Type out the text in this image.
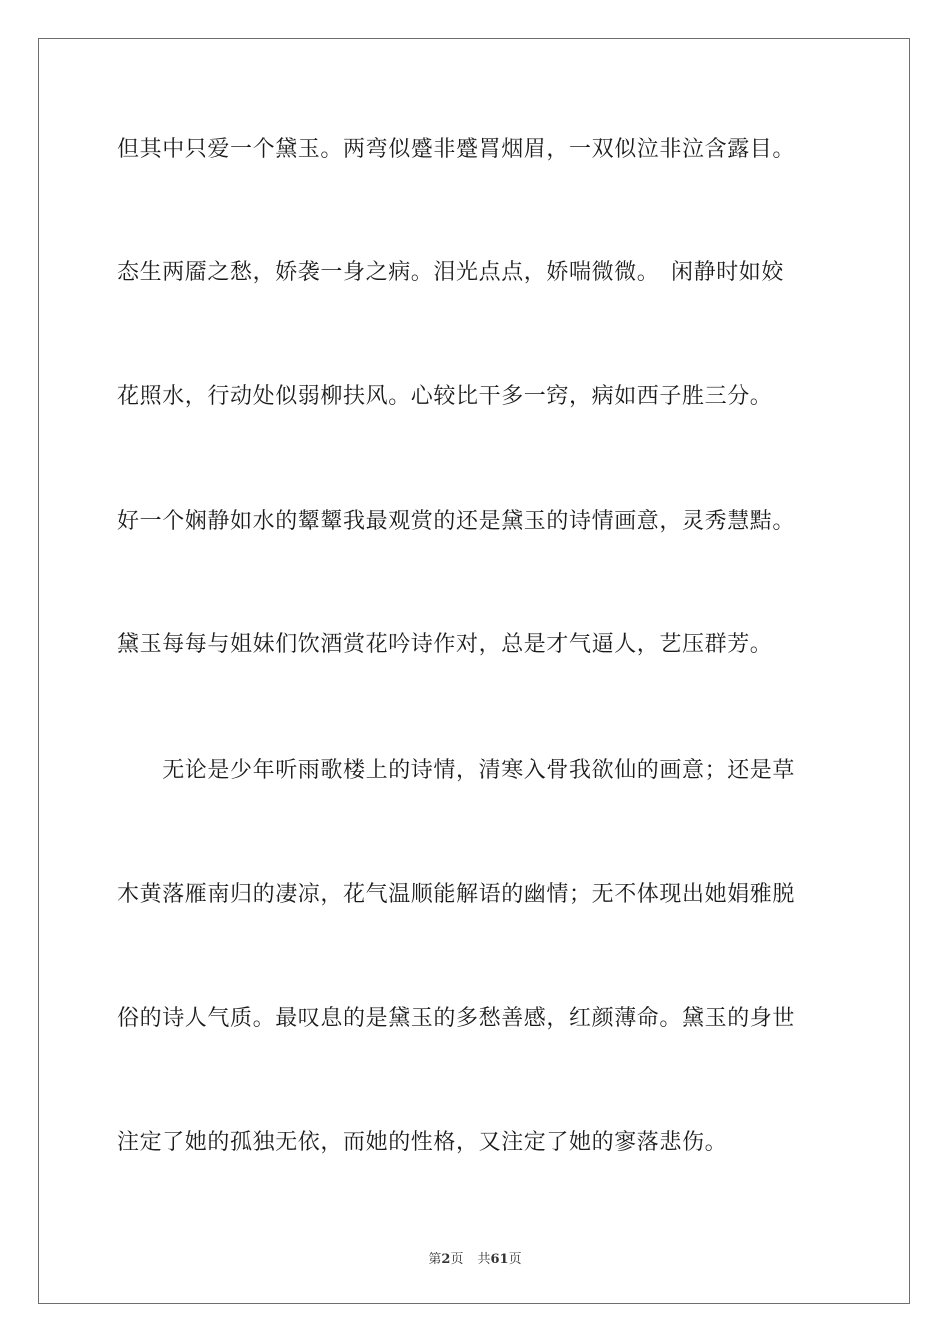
但其中只爱一个黛玉。两弯似蹙非蹙罥烟眉，一双似泣非泣含露目。
态生两靥之愁，娇袭一身之病。泪光点点，娇喘微微。　闲静时如姣
花照水，行动处似弱柳扶风。心较比干多一窍，病如西子胜三分。
好一个娴静如水的颦颦我最观赏的还是黛玉的诗情画意，灵秀慧黠。
黛玉每每与姐妹们饮酒赏花吟诗作对，总是才气逼人，艺压群芳。
　　无论是少年听雨歌楼上的诗情，清寒入骨我欲仙的画意；还是草
木黄落雁南归的凄凉，花气温顺能解语的幽情；无不体现出她娟雅脱
俗的诗人气质。最叹息的是黛玉的多愁善感，红颜薄命。黛玉的身世
注定了她的孤独无依，而她的性格，又注定了她的寥落悲伤。
第2页 共61页
